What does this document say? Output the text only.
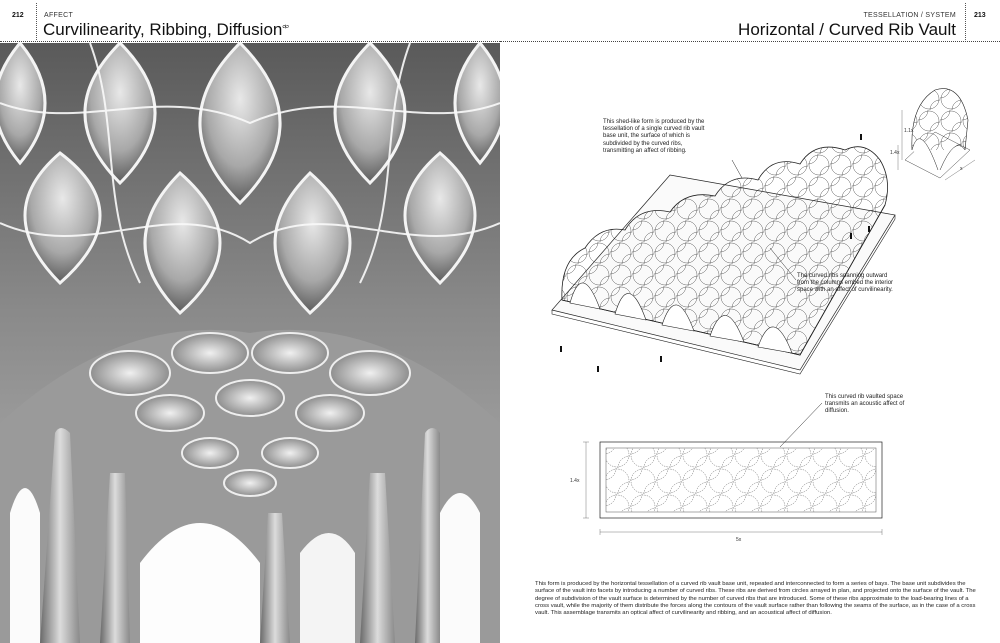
212	AFFECT
Curvilinearity, Ribbing, Diffusion⧞
TESSELLATION / SYSTEM
Horizontal / Curved Rib Vault
213
This shed-like form is produced by the tessellation of a single curved rib vault base unit, the surface of which is subdivided by the curved ribs, transmitting an affect of ribbing.
The curved ribs spanning outward from the columns embed the interior space with an affect of curvilinearity.
This curved rib vaulted space transmits an acoustic affect of diffusion.
1.4x
5x
1.1x
1.4x
x
This form is produced by the horizontal tessellation of a curved rib vault base unit, repeated and interconnected to form a series of bays. The base unit subdivides the surface of the vault into facets by introducing a number of curved ribs. These ribs are derived from circles arrayed in plan, and projected onto the surface of the vault. The degree of subdivision of the vault surface is determined by the number of curved ribs that are introduced. Some of these ribs approximate to the load-bearing lines of a cross vault, while the majority of them distribute the forces along the contours of the vault surface rather than following the seams of the surface, as in the case of a cross vault. This assemblage transmits an optical affect of curvilinearity and ribbing, and an acoustical affect of diffusion.
